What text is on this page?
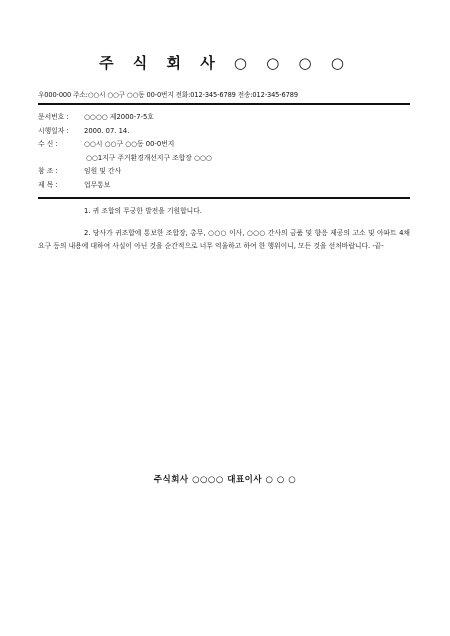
주 식 회 사 ○ ○ ○ ○
우000-000 주소:○○시 ○○구 ○○동 00-0번지 전화:012-345-6789 전송:012-345-6789
문서번호 :	○○○○ 제2000-7-5호
시행일자 :	2000. 07. 14.
수 신 :	○○시 ○○구 ○○동 00-0번지
○○1지구 주거환경개선지구 조합장 ○○○
참 조 :	임원 및 간사
제 목 :	업무통보

1. 귀 조합의 무궁한 발전을 기원합니다.

2. 당사가 귀조합에 통보한 조합장, 총무, ○○○ 이사, ○○○ 간사의 금품 및 향응 제공의 고소 및 아파트 4채 요구 등의 내용에 대하여 사실이 아닌 것을 순간적으로 너무 억울하고 하여 한 행위이니, 모든 것을 선처바랍니다. -끝-

주식회사 ○○○○ 대표이사 ○ ○ ○
